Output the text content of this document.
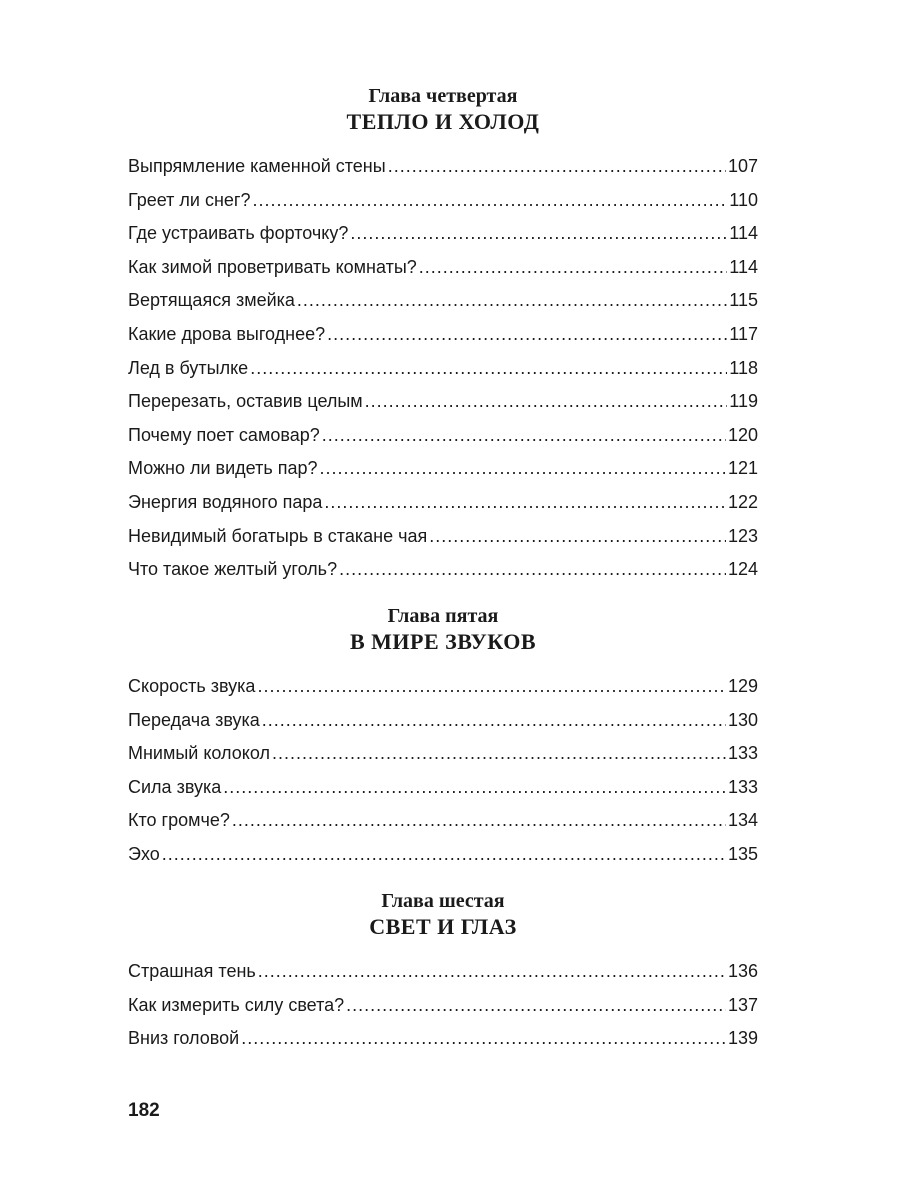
Глава четвертая
ТЕПЛО И ХОЛОД
Выпрямление каменной стены .....	107
Греет ли снег? .....	110
Где устраивать форточку? .....	114
Как зимой проветривать комнаты? .....	114
Вертящаяся змейка .....	115
Какие дрова выгоднее? .....	117
Лед в бутылке .....	118
Перерезать, оставив целым .....	119
Почему поет самовар? .....	120
Можно ли видеть пар? .....	121
Энергия водяного пара .....	122
Невидимый богатырь в стакане чая .....	123
Что такое желтый уголь? .....	124
Глава пятая
В МИРЕ ЗВУКОВ
Скорость звука .....	129
Передача звука .....	130
Мнимый колокол .....	133
Сила звука .....	133
Кто громче? .....	134
Эхо .....	135
Глава шестая
СВЕТ И ГЛАЗ
Страшная тень .....	136
Как измерить силу света? .....	137
Вниз головой .....	139
182
